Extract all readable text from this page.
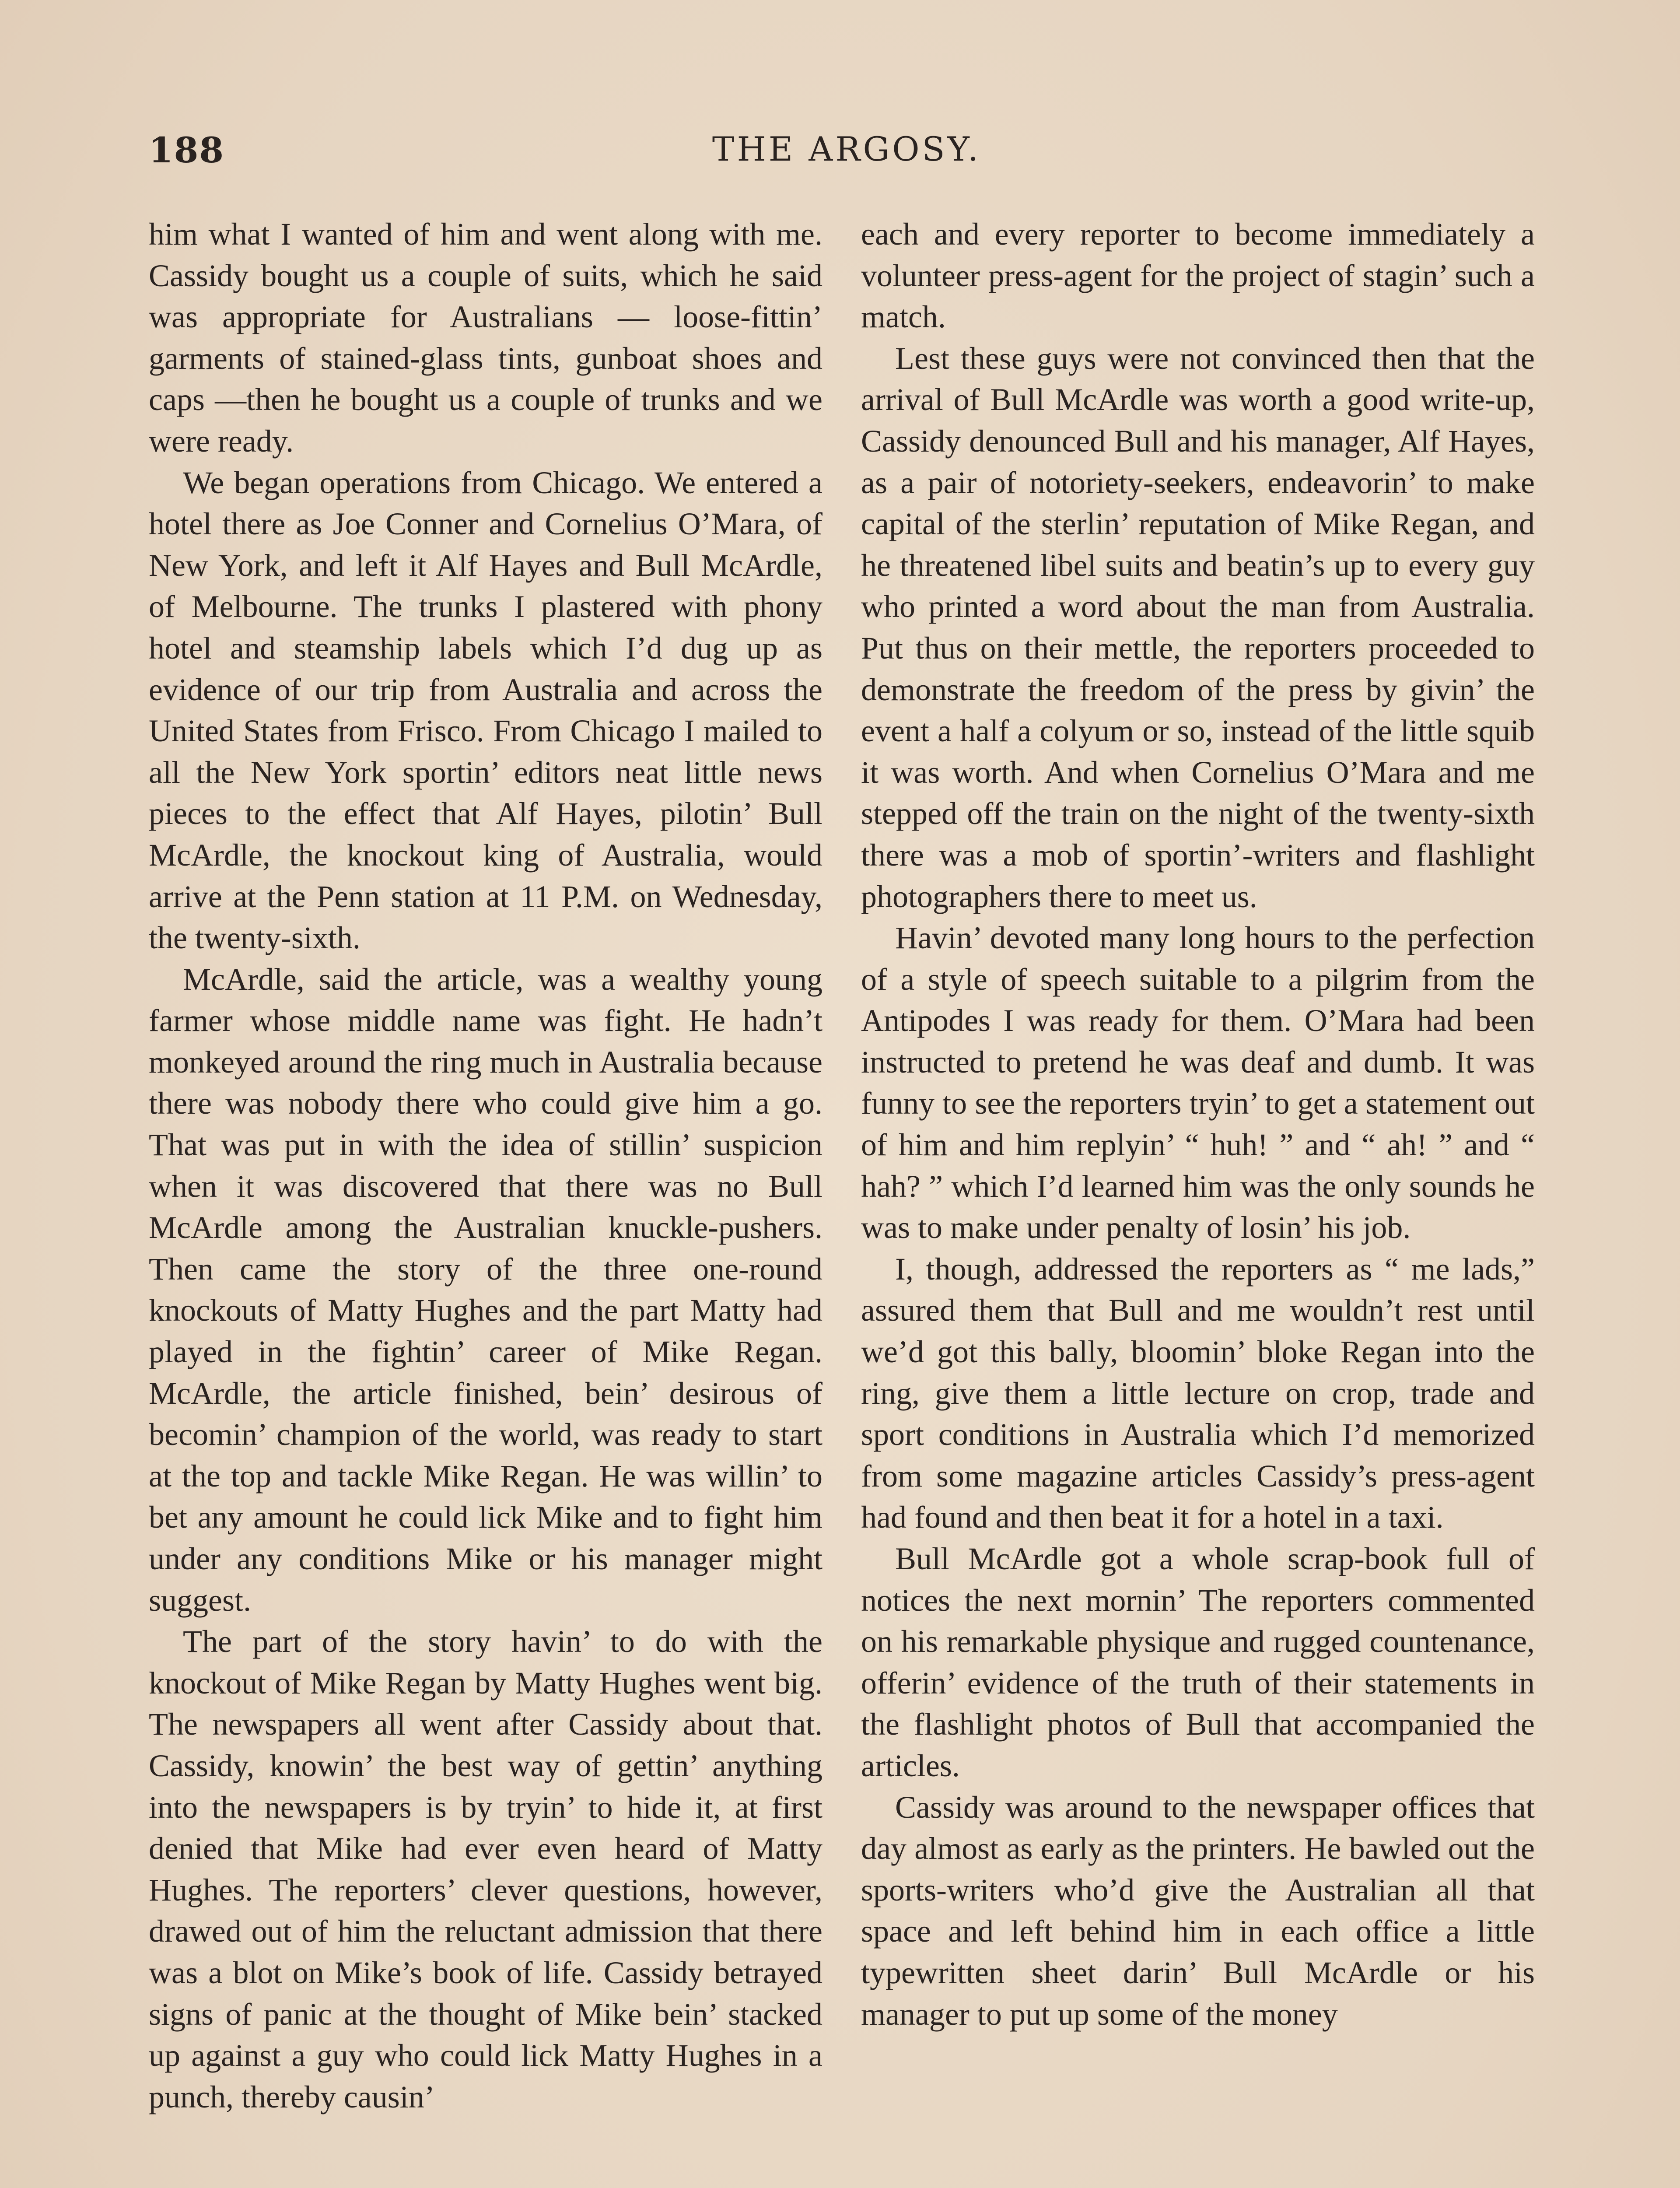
188	THE ARGOSY.

him what I wanted of him and went along with me. Cassidy bought us a couple of suits, which he said was appropriate for Australians — loose-fittin’ garments of stained-glass tints, gunboat shoes and caps —then he bought us a couple of trunks and we were ready.

We began operations from Chicago. We entered a hotel there as Joe Conner and Cornelius O’Mara, of New York, and left it Alf Hayes and Bull McArdle, of Melbourne. The trunks I plastered with phony hotel and steamship labels which I’d dug up as evidence of our trip from Australia and across the United States from Frisco. From Chicago I mailed to all the New York sportin’ editors neat little news pieces to the effect that Alf Hayes, pilotin’ Bull McArdle, the knockout king of Australia, would arrive at the Penn station at 11 P.M. on Wednesday, the twenty-sixth.

McArdle, said the article, was a wealthy young farmer whose middle name was fight. He hadn’t monkeyed around the ring much in Australia because there was nobody there who could give him a go. That was put in with the idea of stillin’ suspicion when it was discovered that there was no Bull McArdle among the Australian knuckle-pushers. Then came the story of the three one-round knockouts of Matty Hughes and the part Matty had played in the fightin’ career of Mike Regan. McArdle, the article finished, bein’ desirous of becomin’ champion of the world, was ready to start at the top and tackle Mike Regan. He was willin’ to bet any amount he could lick Mike and to fight him under any conditions Mike or his manager might suggest.

The part of the story havin’ to do with the knockout of Mike Regan by Matty Hughes went big. The newspapers all went after Cassidy about that. Cassidy, knowin’ the best way of gettin’ anything into the newspapers is by tryin’ to hide it, at first denied that Mike had ever even heard of Matty Hughes. The reporters’ clever questions, however, drawed out of him the reluctant admission that there was a blot on Mike’s book of life. Cassidy betrayed signs of panic at the thought of Mike bein’ stacked up against a guy who could lick Matty Hughes in a punch, thereby causin’

each and every reporter to become immediately a volunteer press-agent for the project of stagin’ such a match.

Lest these guys were not convinced then that the arrival of Bull McArdle was worth a good write-up, Cassidy denounced Bull and his manager, Alf Hayes, as a pair of notoriety-seekers, endeavorin’ to make capital of the sterlin’ reputation of Mike Regan, and he threatened libel suits and beatin’s up to every guy who printed a word about the man from Australia. Put thus on their mettle, the reporters proceeded to demonstrate the freedom of the press by givin’ the event a half a colyum or so, instead of the little squib it was worth. And when Cornelius O’Mara and me stepped off the train on the night of the twenty-sixth there was a mob of sportin’-writers and flashlight photographers there to meet us.

Havin’ devoted many long hours to the perfection of a style of speech suitable to a pilgrim from the Antipodes I was ready for them. O’Mara had been instructed to pretend he was deaf and dumb. It was funny to see the reporters tryin’ to get a statement out of him and him replyin’ “ huh! ” and “ ah! ” and “ hah? ” which I’d learned him was the only sounds he was to make under penalty of losin’ his job.

I, though, addressed the reporters as “ me lads,” assured them that Bull and me wouldn’t rest until we’d got this bally, bloomin’ bloke Regan into the ring, give them a little lecture on crop, trade and sport conditions in Australia which I’d memorized from some magazine articles Cassidy’s press-agent had found and then beat it for a hotel in a taxi.

Bull McArdle got a whole scrap-book full of notices the next mornin’ The reporters commented on his remarkable physique and rugged countenance, offerin’ evidence of the truth of their statements in the flashlight photos of Bull that accompanied the articles.

Cassidy was around to the newspaper offices that day almost as early as the printers. He bawled out the sports-writers who’d give the Australian all that space and left behind him in each office a little typewritten sheet darin’ Bull McArdle or his manager to put up some of the money
